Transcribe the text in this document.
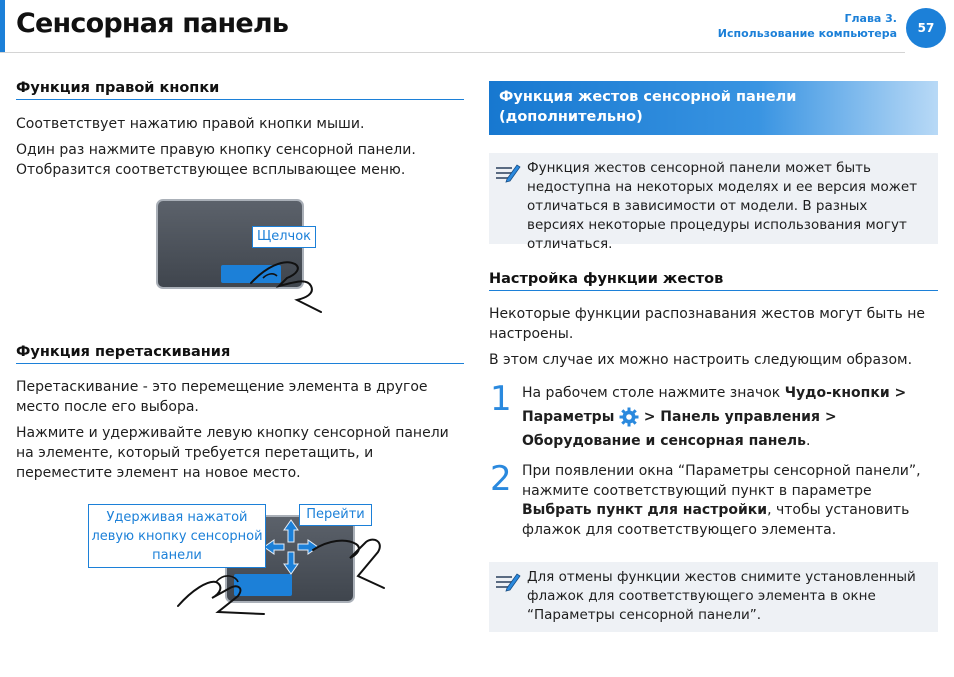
Сенсорная панель	Глава 3.
Использование компьютера	57
Функция правой кнопки

Соответствует нажатию правой кнопки мыши.

Один раз нажмите правую кнопку сенсорной панели. Отобразится соответствующее всплывающее меню.

Щелчок
Функция перетаскивания

Перетаскивание - это перемещение элемента в другое место после его выбора.

Нажмите и удерживайте левую кнопку сенсорной панели на элементе, который требуется перетащить, и переместите элемент на новое место.

Удерживая нажатой левую кнопку сенсорной панели
Перейти
Функция жестов сенсорной панели (дополнительно)
Функция жестов сенсорной панели может быть недоступна на некоторых моделях и ее версия может отличаться в зависимости от модели. В разных версиях некоторые процедуры использования могут отличаться.
Настройка функции жестов

Некоторые функции распознавания жестов могут быть не настроены.

В этом случае их можно настроить следующим образом.

1 На рабочем столе нажмите значок Чудо-кнопки >
Параметры  > Панель управления > Оборудование и сенсорная панель.

2 При появлении окна “Параметры сенсорной панели”, нажмите соответствующий пункт в параметре Выбрать пункт для настройки, чтобы установить флажок для соответствующего элемента.

Для отмены функции жестов снимите установленный флажок для соответствующего элемента в окне “Параметры сенсорной панели”.
